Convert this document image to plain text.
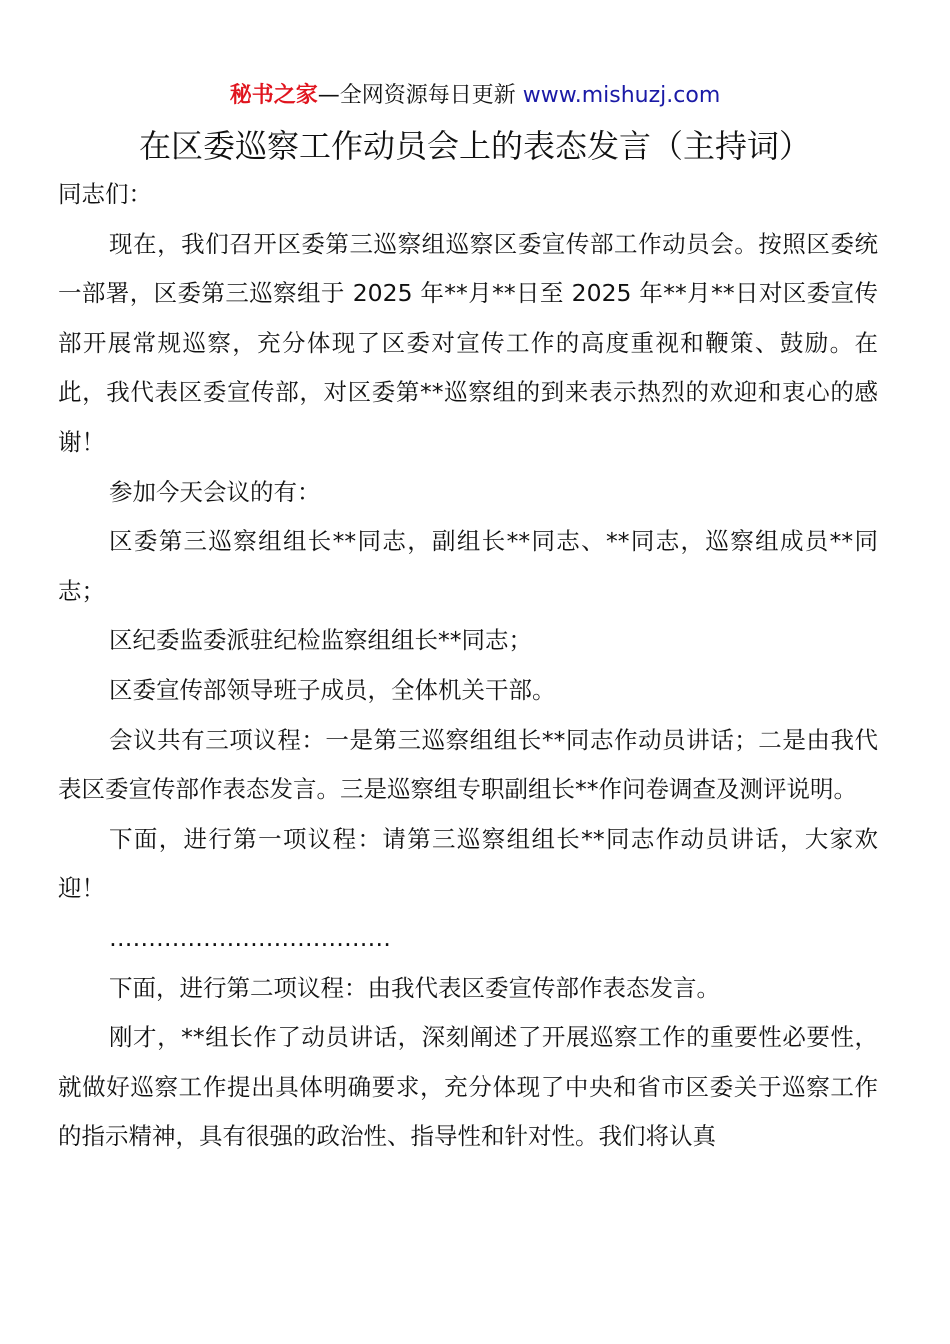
秘书之家—全网资源每日更新 www.mishuzj.com
在区委巡察工作动员会上的表态发言（主持词）

同志们：

现在，我们召开区委第三巡察组巡察区委宣传部工作动员会。按照区委统一部署，区委第三巡察组于 2025 年**月**日至 2025 年**月**日对区委宣传部开展常规巡察，充分体现了区委对宣传工作的高度重视和鞭策、鼓励。在此，我代表区委宣传部，对区委第**巡察组的到来表示热烈的欢迎和衷心的感谢！

参加今天会议的有：

区委第三巡察组组长**同志，副组长**同志、**同志，巡察组成员**同志；

区纪委监委派驻纪检监察组组长**同志；

区委宣传部领导班子成员，全体机关干部。

会议共有三项议程：一是第三巡察组组长**同志作动员讲话；二是由我代表区委宣传部作表态发言。三是巡察组专职副组长**作问卷调查及测评说明。

下面，进行第一项议程：请第三巡察组组长**同志作动员讲话，大家欢迎！

………………………………

下面，进行第二项议程：由我代表区委宣传部作表态发言。

刚才，**组长作了动员讲话，深刻阐述了开展巡察工作的重要性必要性，就做好巡察工作提出具体明确要求，充分体现了中央和省市区委关于巡察工作的指示精神，具有很强的政治性、指导性和针对性。我们将认真
